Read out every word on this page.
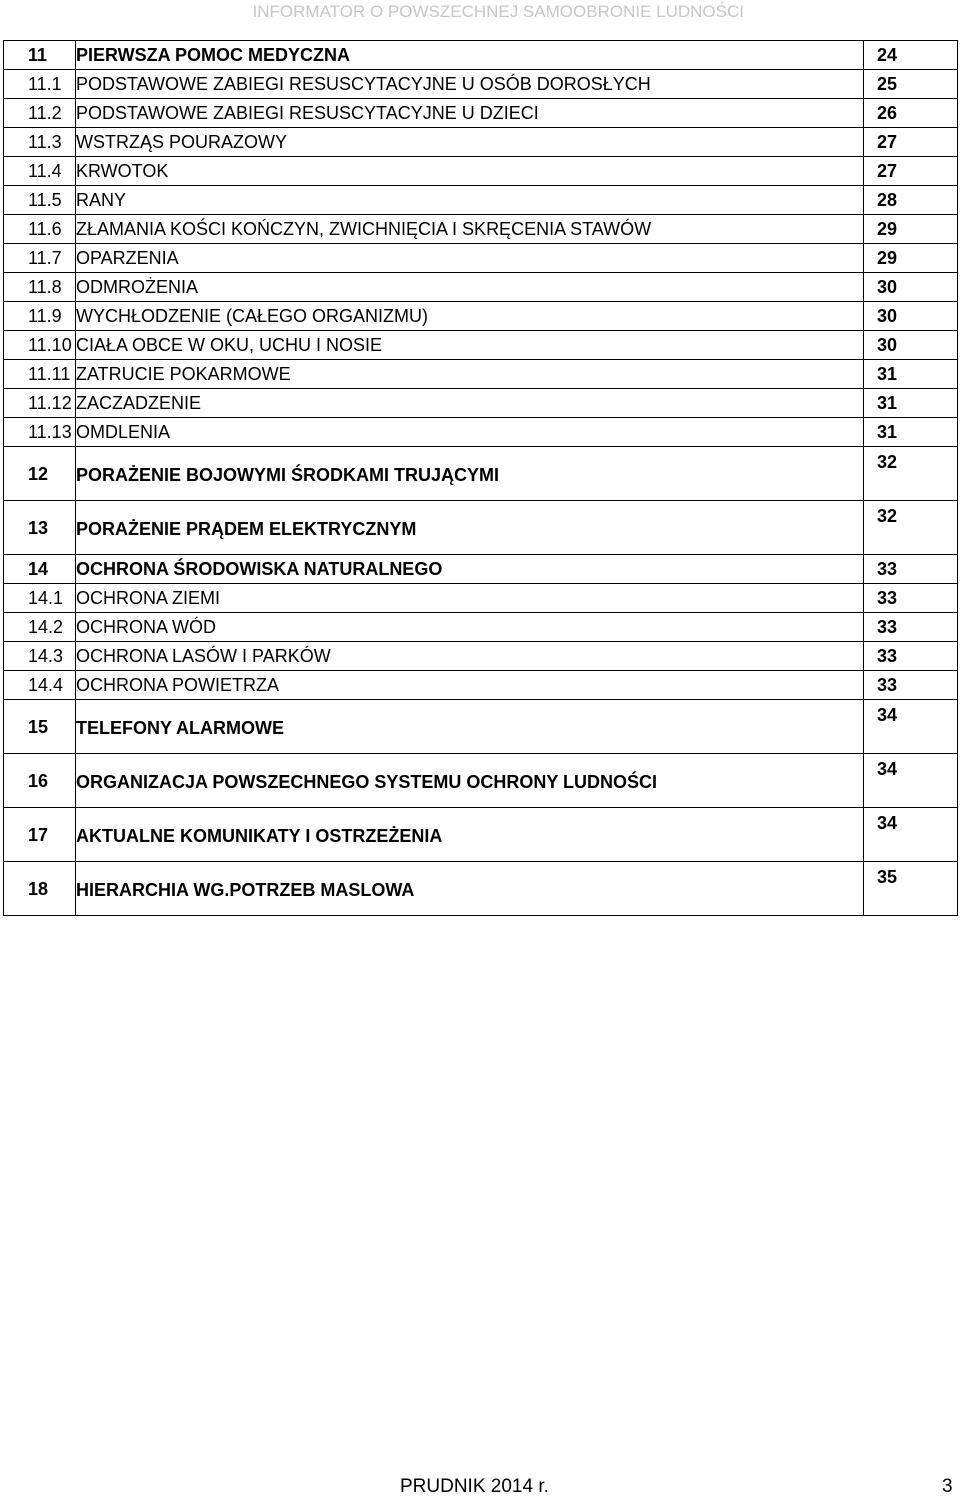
INFORMATOR O POWSZECHNEJ SAMOOBRONIE LUDNOŚCI
11	PIERWSZA POMOC MEDYCZNA	24
11.1	PODSTAWOWE ZABIEGI RESUSCYTACYJNE U OSÓB DOROSŁYCH	25
11.2	PODSTAWOWE ZABIEGI RESUSCYTACYJNE U DZIECI	26
11.3	WSTRZĄS POURAZOWY	27
11.4	KRWOTOK	27
11.5	RANY	28
11.6	ZŁAMANIA KOŚCI KOŃCZYN, ZWICHNIĘCIA I SKRĘCENIA STAWÓW	29
11.7	OPARZENIA	29
11.8	ODMROŻENIA	30
11.9	WYCHŁODZENIE (CAŁEGO ORGANIZMU)	30
11.10	CIAŁA OBCE W OKU, UCHU I NOSIE	30
11.11	ZATRUCIE POKARMOWE	31
11.12	ZACZADZENIE	31
11.13	OMDLENIA	31
12	PORAŻENIE BOJOWYMI ŚRODKAMI TRUJĄCYMI	32
13	PORAŻENIE PRĄDEM ELEKTRYCZNYM	32
14	OCHRONA ŚRODOWISKA NATURALNEGO	33
14.1	OCHRONA ZIEMI	33
14.2	OCHRONA WÓD	33
14.3	OCHRONA LASÓW I PARKÓW	33
14.4	OCHRONA POWIETRZA	33
15	TELEFONY ALARMOWE	34
16	ORGANIZACJA POWSZECHNEGO SYSTEMU OCHRONY LUDNOŚCI	34
17	AKTUALNE KOMUNIKATY I OSTRZEŻENIA	34
18	HIERARCHIA WG.POTRZEB MASLOWA	35
PRUDNIK 2014 r.	3
